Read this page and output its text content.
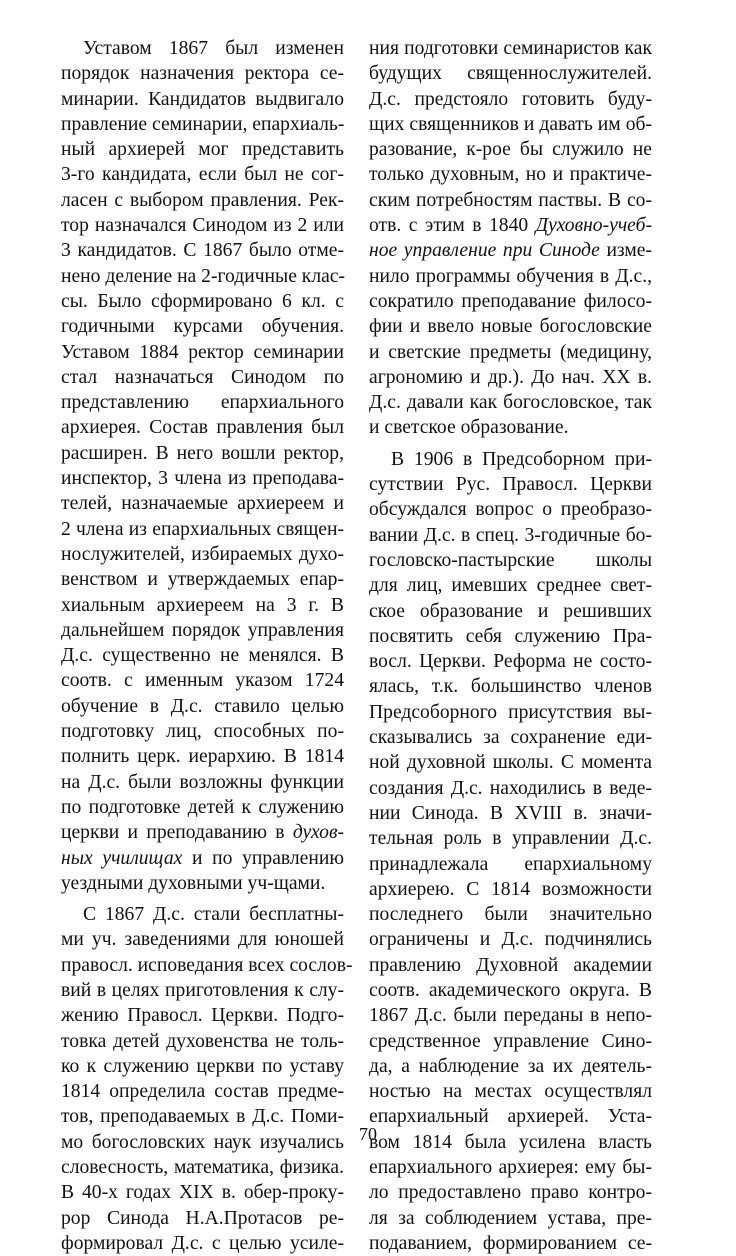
Уставом 1867 был изменен
порядок назначения ректора се-
минарии. Кандидатов выдвигало
правление семинарии, епархиаль-
ный архиерей мог представить
3-го кандидата, если был не сог-
ласен с выбором правления. Рек-
тор назначался Синодом из 2 или
3 кандидатов. С 1867 было отме-
нено деление на 2-годичные клас-
сы. Было сформировано 6 кл. с
годичными курсами обучения.
Уставом 1884 ректор семинарии
стал назначаться Синодом по
представлению епархиального
архиерея. Состав правления был
расширен. В него вошли ректор,
инспектор, 3 члена из преподава-
телей, назначаемые архиереем и
2 члена из епархиальных священ-
нослужителей, избираемых духо-
венством и утверждаемых епар-
хиальным архиереем на 3 г. В
дальнейшем порядок управления
Д.с. существенно не менялся. В
соотв. с именным указом 1724
обучение в Д.с. ставило целью
подготовку лиц, способных по-
полнить церк. иерархию. В 1814
на Д.с. были возложны функции
по подготовке детей к служению
церкви и преподаванию в духов-
ных училищах и по управлению
уездными духовными уч-щами.
С 1867 Д.с. стали бесплатны-
ми уч. заведениями для юношей
правосл. исповедания всех сослов-
вий в целях приготовления к слу-
жению Правосл. Церкви. Подго-
товка детей духовенства не толь-
ко к служению церкви по уставу
1814 определила состав предме-
тов, преподаваемых в Д.с. Поми-
мо богословских наук изучались
словесность, математика, физика.
В 40-х годах XIX в. обер-проку-
рор Синода Н.А.Протасов ре-
формировал Д.с. с целью усиле-
ния подготовки семинаристов как
будущих священнослужителей.
Д.с. предстояло готовить буду-
щих священников и давать им об-
разование, к-рое бы служило не
только духовным, но и практиче-
ским потребностям паствы. В со-
отв. с этим в 1840 Духовно-учеб-
ное управление при Синоде изме-
нило программы обучения в Д.с.,
сократило преподавание филосо-
фии и ввело новые богословские
и светские предметы (медицину,
агрономию и др.). До нач. XX в.
Д.с. давали как богословское, так
и светское образование.
В 1906 в Предсоборном при-
сутствии Рус. Правосл. Церкви
обсуждался вопрос о преобразо-
вании Д.с. в спец. 3-годичные бо-
гословско-пастырские школы
для лиц, имевших среднее свет-
ское образование и решивших
посвятить себя служению Пра-
восл. Церкви. Реформа не состо-
ялась, т.к. большинство членов
Предсоборного присутствия вы-
сказывались за сохранение еди-
ной духовной школы. С момента
создания Д.с. находились в веде-
нии Синода. В XVIII в. значи-
тельная роль в управлении Д.с.
принадлежала епархиальному
архиерею. С 1814 возможности
последнего были значительно
ограничены и Д.с. подчинялись
правлению Духовной академии
соотв. академического округа. В
1867 Д.с. были переданы в непо-
средственное управление Сино-
да, а наблюдение за их деятель-
ностью на местах осуществлял
епархиальный архиерей. Уста-
вом 1814 была усилена власть
епархиального архиерея: ему бы-
ло предоставлено право контро-
ля за соблюдением устава, пре-
подаванием, формированием се-
70
